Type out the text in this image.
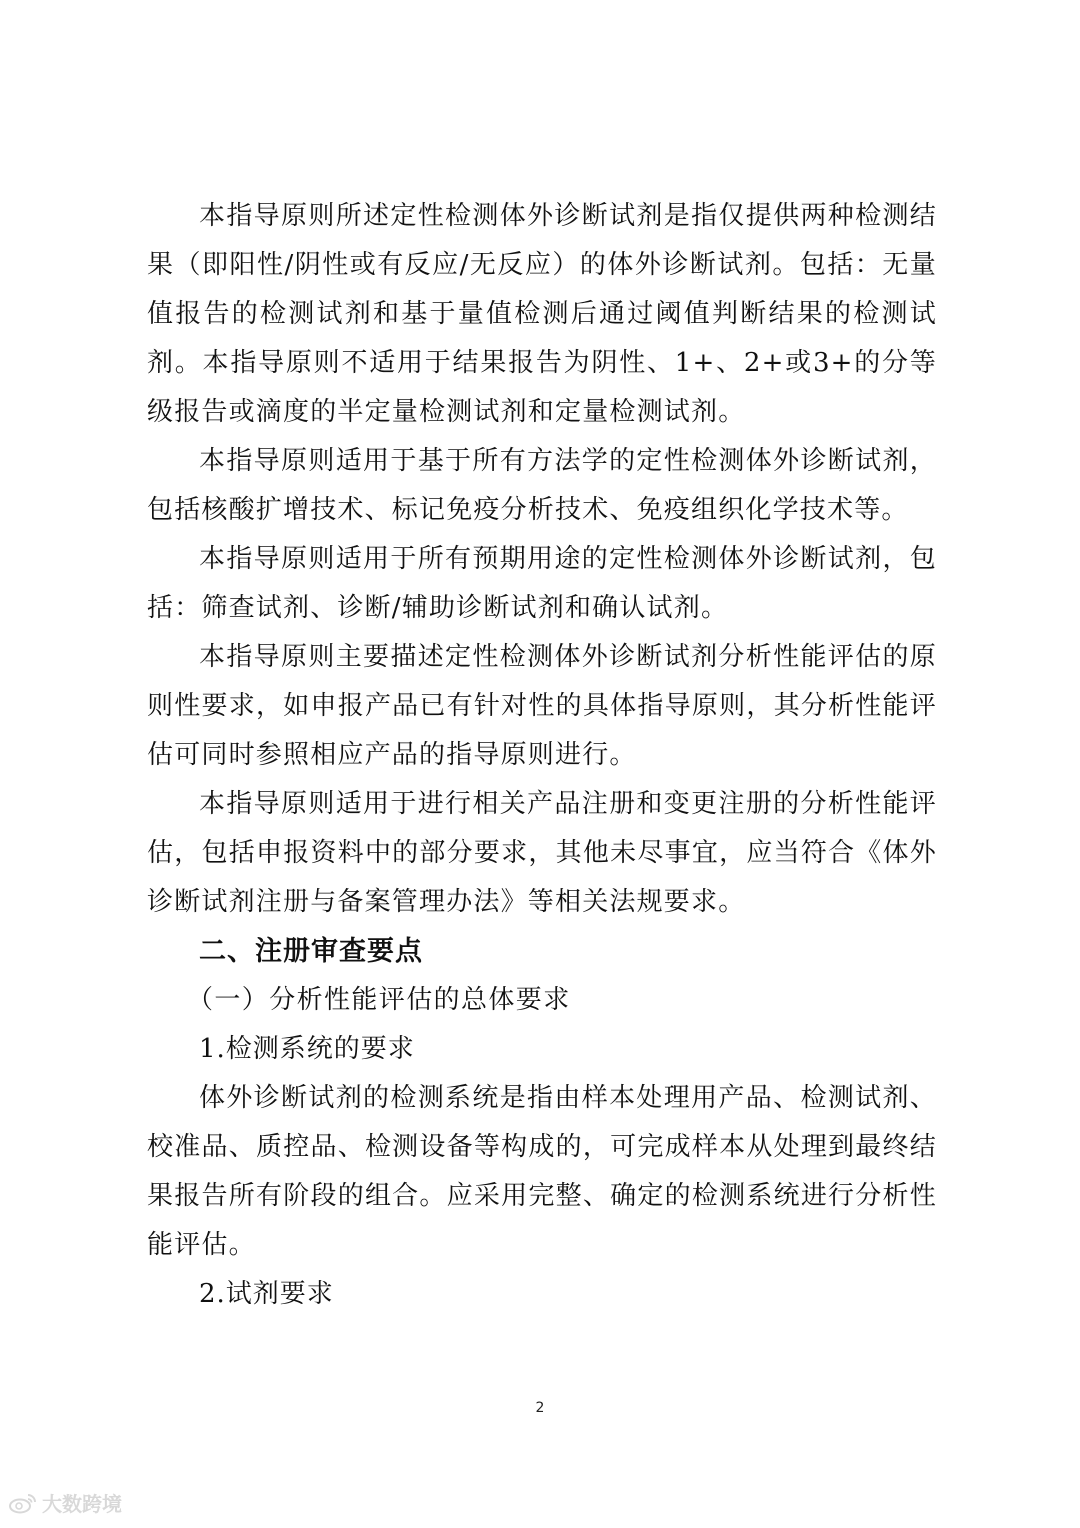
本指导原则所述定性检测体外诊断试剂是指仅提供两种检测结果（即阳性/阴性或有反应/无反应）的体外诊断试剂。包括：无量值报告的检测试剂和基于量值检测后通过阈值判断结果的检测试剂。本指导原则不适用于结果报告为阴性、1+、2+或3+的分等级报告或滴度的半定量检测试剂和定量检测试剂。

本指导原则适用于基于所有方法学的定性检测体外诊断试剂，包括核酸扩增技术、标记免疫分析技术、免疫组织化学技术等。

本指导原则适用于所有预期用途的定性检测体外诊断试剂，包括：筛查试剂、诊断/辅助诊断试剂和确认试剂。

本指导原则主要描述定性检测体外诊断试剂分析性能评估的原则性要求，如申报产品已有针对性的具体指导原则，其分析性能评估可同时参照相应产品的指导原则进行。

本指导原则适用于进行相关产品注册和变更注册的分析性能评估，包括申报资料中的部分要求，其他未尽事宜，应当符合《体外诊断试剂注册与备案管理办法》等相关法规要求。

二、注册审查要点

（一）分析性能评估的总体要求

1.检测系统的要求

体外诊断试剂的检测系统是指由样本处理用产品、检测试剂、校准品、质控品、检测设备等构成的，可完成样本从处理到最终结果报告所有阶段的组合。应采用完整、确定的检测系统进行分析性能评估。

2.试剂要求

2
大数跨境
